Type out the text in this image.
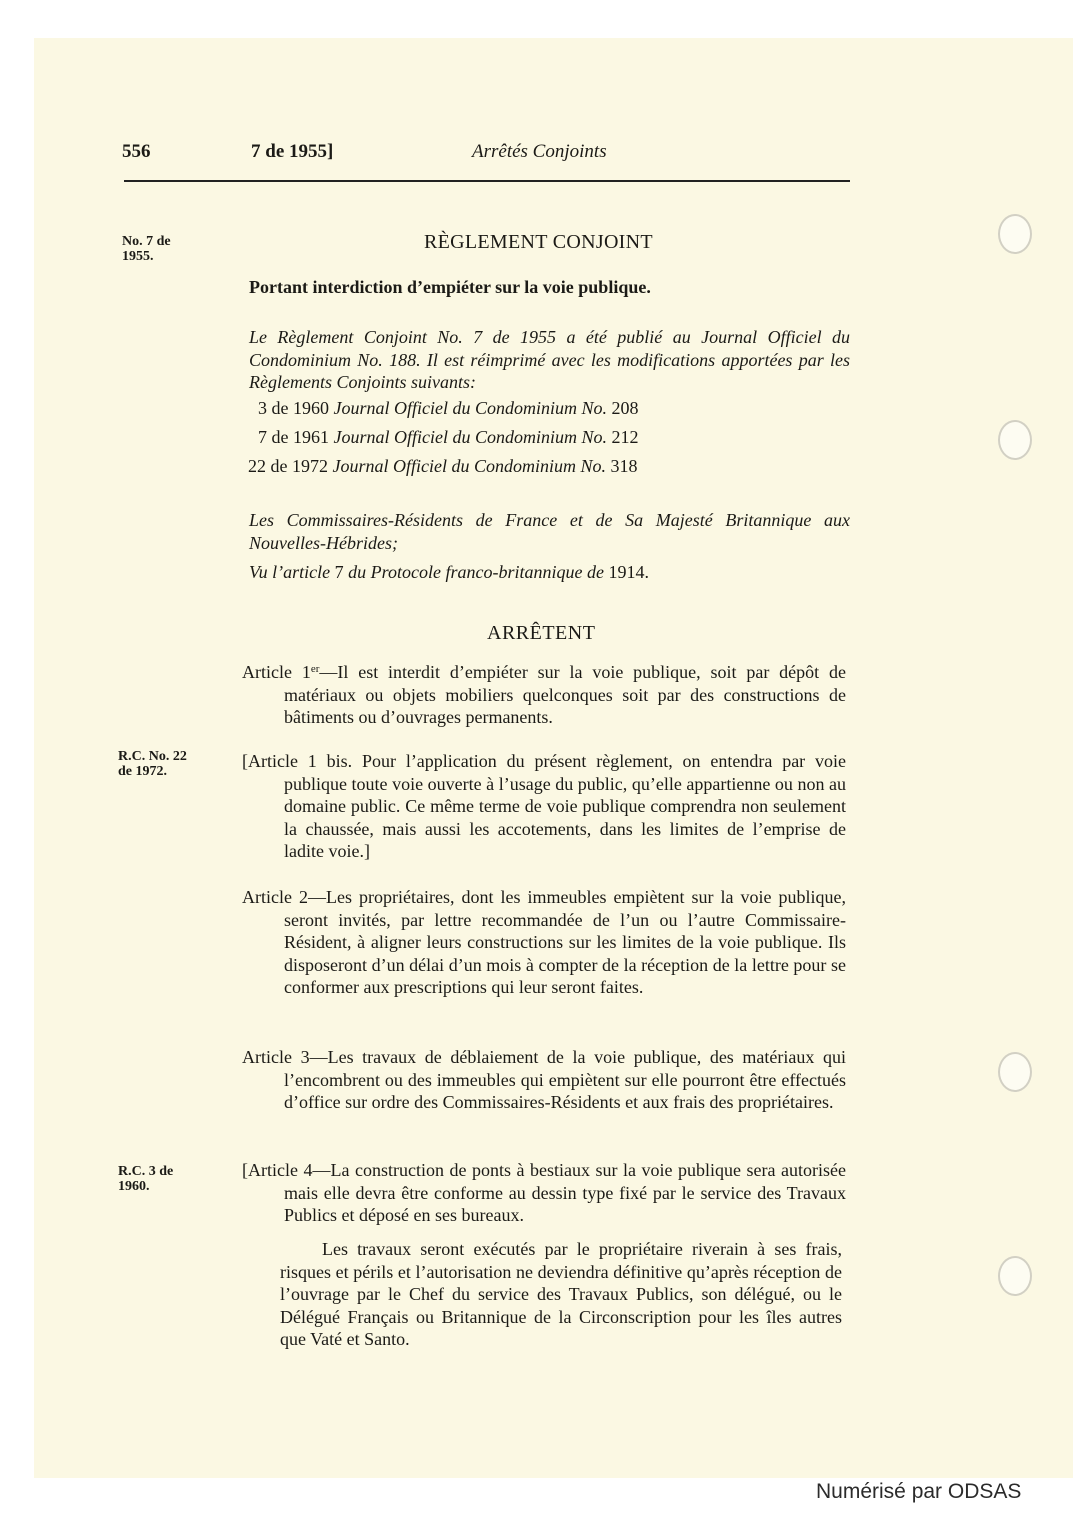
556	7 de 1955]	Arrêtés Conjoints
No. 7 de
1955.
RÈGLEMENT CONJOINT
Portant interdiction d’empiéter sur la voie publique.
Le Règlement Conjoint No. 7 de 1955 a été publié au Journal Officiel du Condominium No. 188. Il est réimprimé avec les modifications apportées par les Règlements Conjoints suivants:
3 de 1960 Journal Officiel du Condominium No. 208
7 de 1961 Journal Officiel du Condominium No. 212
22 de 1972 Journal Officiel du Condominium No. 318
Les Commissaires-Résidents de France et de Sa Majesté Britannique aux Nouvelles-Hébrides;
Vu l’article 7 du Protocole franco-britannique de 1914.
ARRÊTENT
Article 1er—Il est interdit d’empiéter sur la voie publique, soit par dépôt de matériaux ou objets mobiliers quelconques soit par des constructions de bâtiments ou d’ouvrages permanents.
R.C. No. 22
de 1972.
[Article 1 bis. Pour l’application du présent règlement, on entendra par voie publique toute voie ouverte à l’usage du public, qu’elle appartienne ou non au domaine public. Ce même terme de voie publique comprendra non seulement la chaussée, mais aussi les accotements, dans les limites de l’emprise de ladite voie.]
Article 2—Les propriétaires, dont les immeubles empiètent sur la voie publique, seront invités, par lettre recommandée de l’un ou l’autre Commissaire-Résident, à aligner leurs constructions sur les limites de la voie publique. Ils disposeront d’un délai d’un mois à compter de la réception de la lettre pour se conformer aux prescriptions qui leur seront faites.
Article 3—Les travaux de déblaiement de la voie publique, des matériaux qui l’encombrent ou des immeubles qui empiètent sur elle pourront être effectués d’office sur ordre des Commissaires-Résidents et aux frais des propriétaires.
R.C. 3 de
1960.
[Article 4—La construction de ponts à bestiaux sur la voie publique sera autorisée mais elle devra être conforme au dessin type fixé par le service des Travaux Publics et déposé en ses bureaux.
Les travaux seront exécutés par le propriétaire riverain à ses frais, risques et périls et l’autorisation ne deviendra définitive qu’après réception de l’ouvrage par le Chef du service des Travaux Publics, son délégué, ou le Délégué Français ou Britannique de la Circonscription pour les îles autres que Vaté et Santo.
Numérisé par ODSAS
